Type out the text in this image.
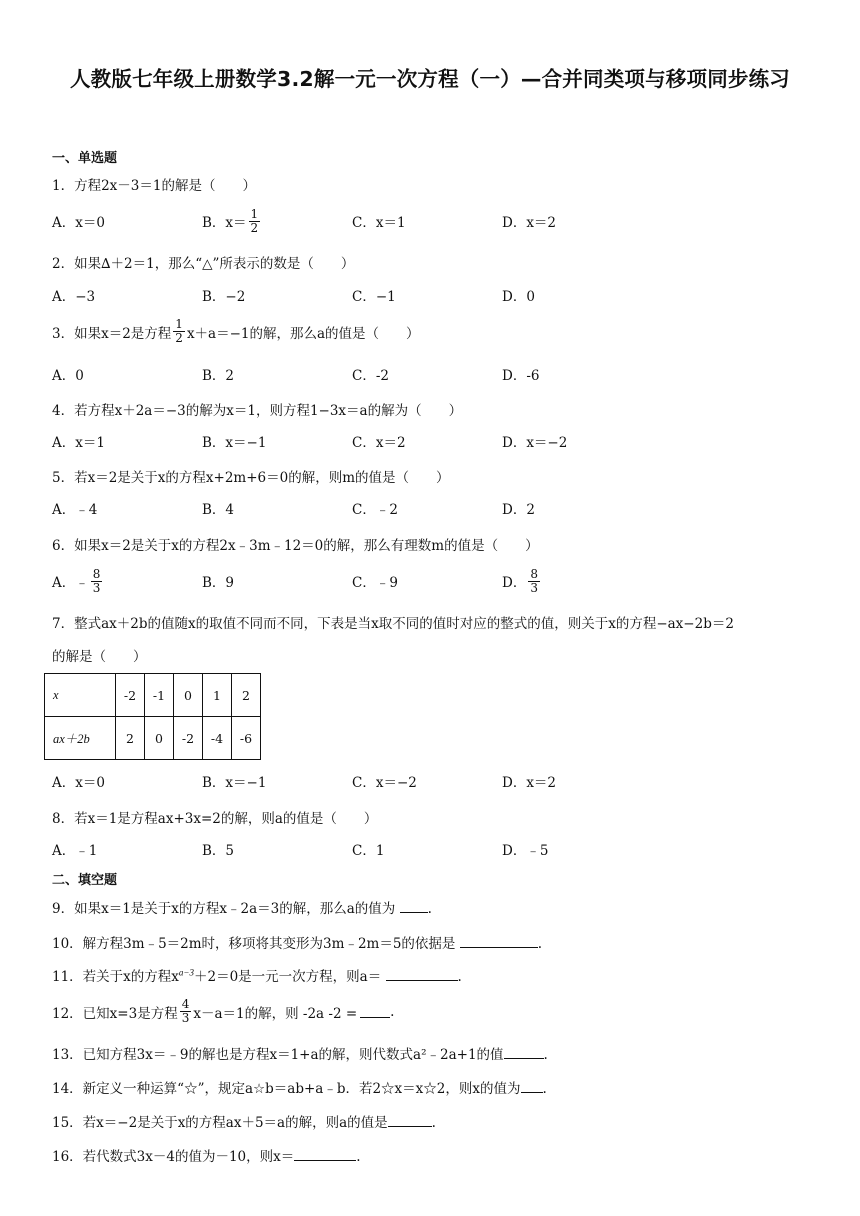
人教版七年级上册数学3.2解一元一次方程（一）—合并同类项与移项同步练习
一、单选题
1．方程2x－3＝1的解是（　　）
A．x＝0	B．$x= \frac{1}{2}$	C．x＝1	D．x＝2
2．如果∆＋2＝1，那么“△”所表示的数是（　　）
A．−3	B．−2	C．−1	D．0
3．如果x＝2是方程 $\frac{1}{2} x+a=-1$的解，那么a的值是（　　）
A．0	B．2	C．-2	D．-6
4．若方程x＋2a＝−3的解为x＝1，则方程1−3x＝a的解为（　　）
A．x＝1	B．x＝−1	C．x＝2	D．x＝−2
5．若x＝2是关于x的方程x+2m+6＝0的解，则m的值是（　　）
A．﹣4	B．4	C．﹣2	D．2
6．如果x＝2是关于x的方程2x﹣3m﹣12＝0的解，那么有理数m的值是（　　）
A．﹣ $\frac{8}{3}$	B．9	C．﹣9	D． $\frac{8}{3}$
7．整式ax＋2b的值随x的取值不同而不同，下表是当x取不同的值时对应的整式的值，则关于x的方程−ax−2b＝2
的解是（　　）
x	-2	-1	0	1	2
ax＋2b	2	0	-2	-4	-6
A．x＝0	B．x＝−1	C．x＝−2	D．x＝2
8．若x＝1是方程ax+3x=2的解，则a的值是（　　）
A．﹣1	B．5	C．1	D．﹣5
二、填空题
9．如果x＝1是关于x的方程x﹣2a＝3的解，那么a的值为 .
10．解方程3m﹣5＝2m时，移项将其变形为3m﹣2m＝5的依据是	.
11．若关于x的方程$x^{a-3}+2=0$是一元一次方程，则a＝	.
12．已知x=3是方程 $\frac{4}{3} x-a=1$的解，则 -2a -2 = .
13．已知方程3x＝﹣9的解也是方程x＝1+a的解，则代数式a²﹣2a+1的值	.
14．新定义一种运算“☆”，规定a☆b＝ab+a﹣b．若2☆x＝x☆2，则x的值为 .
15．若x＝−2是关于x的方程ax＋5＝a的解，则a的值是	.
16．若代数式3x－4的值为－10，则x＝	.
